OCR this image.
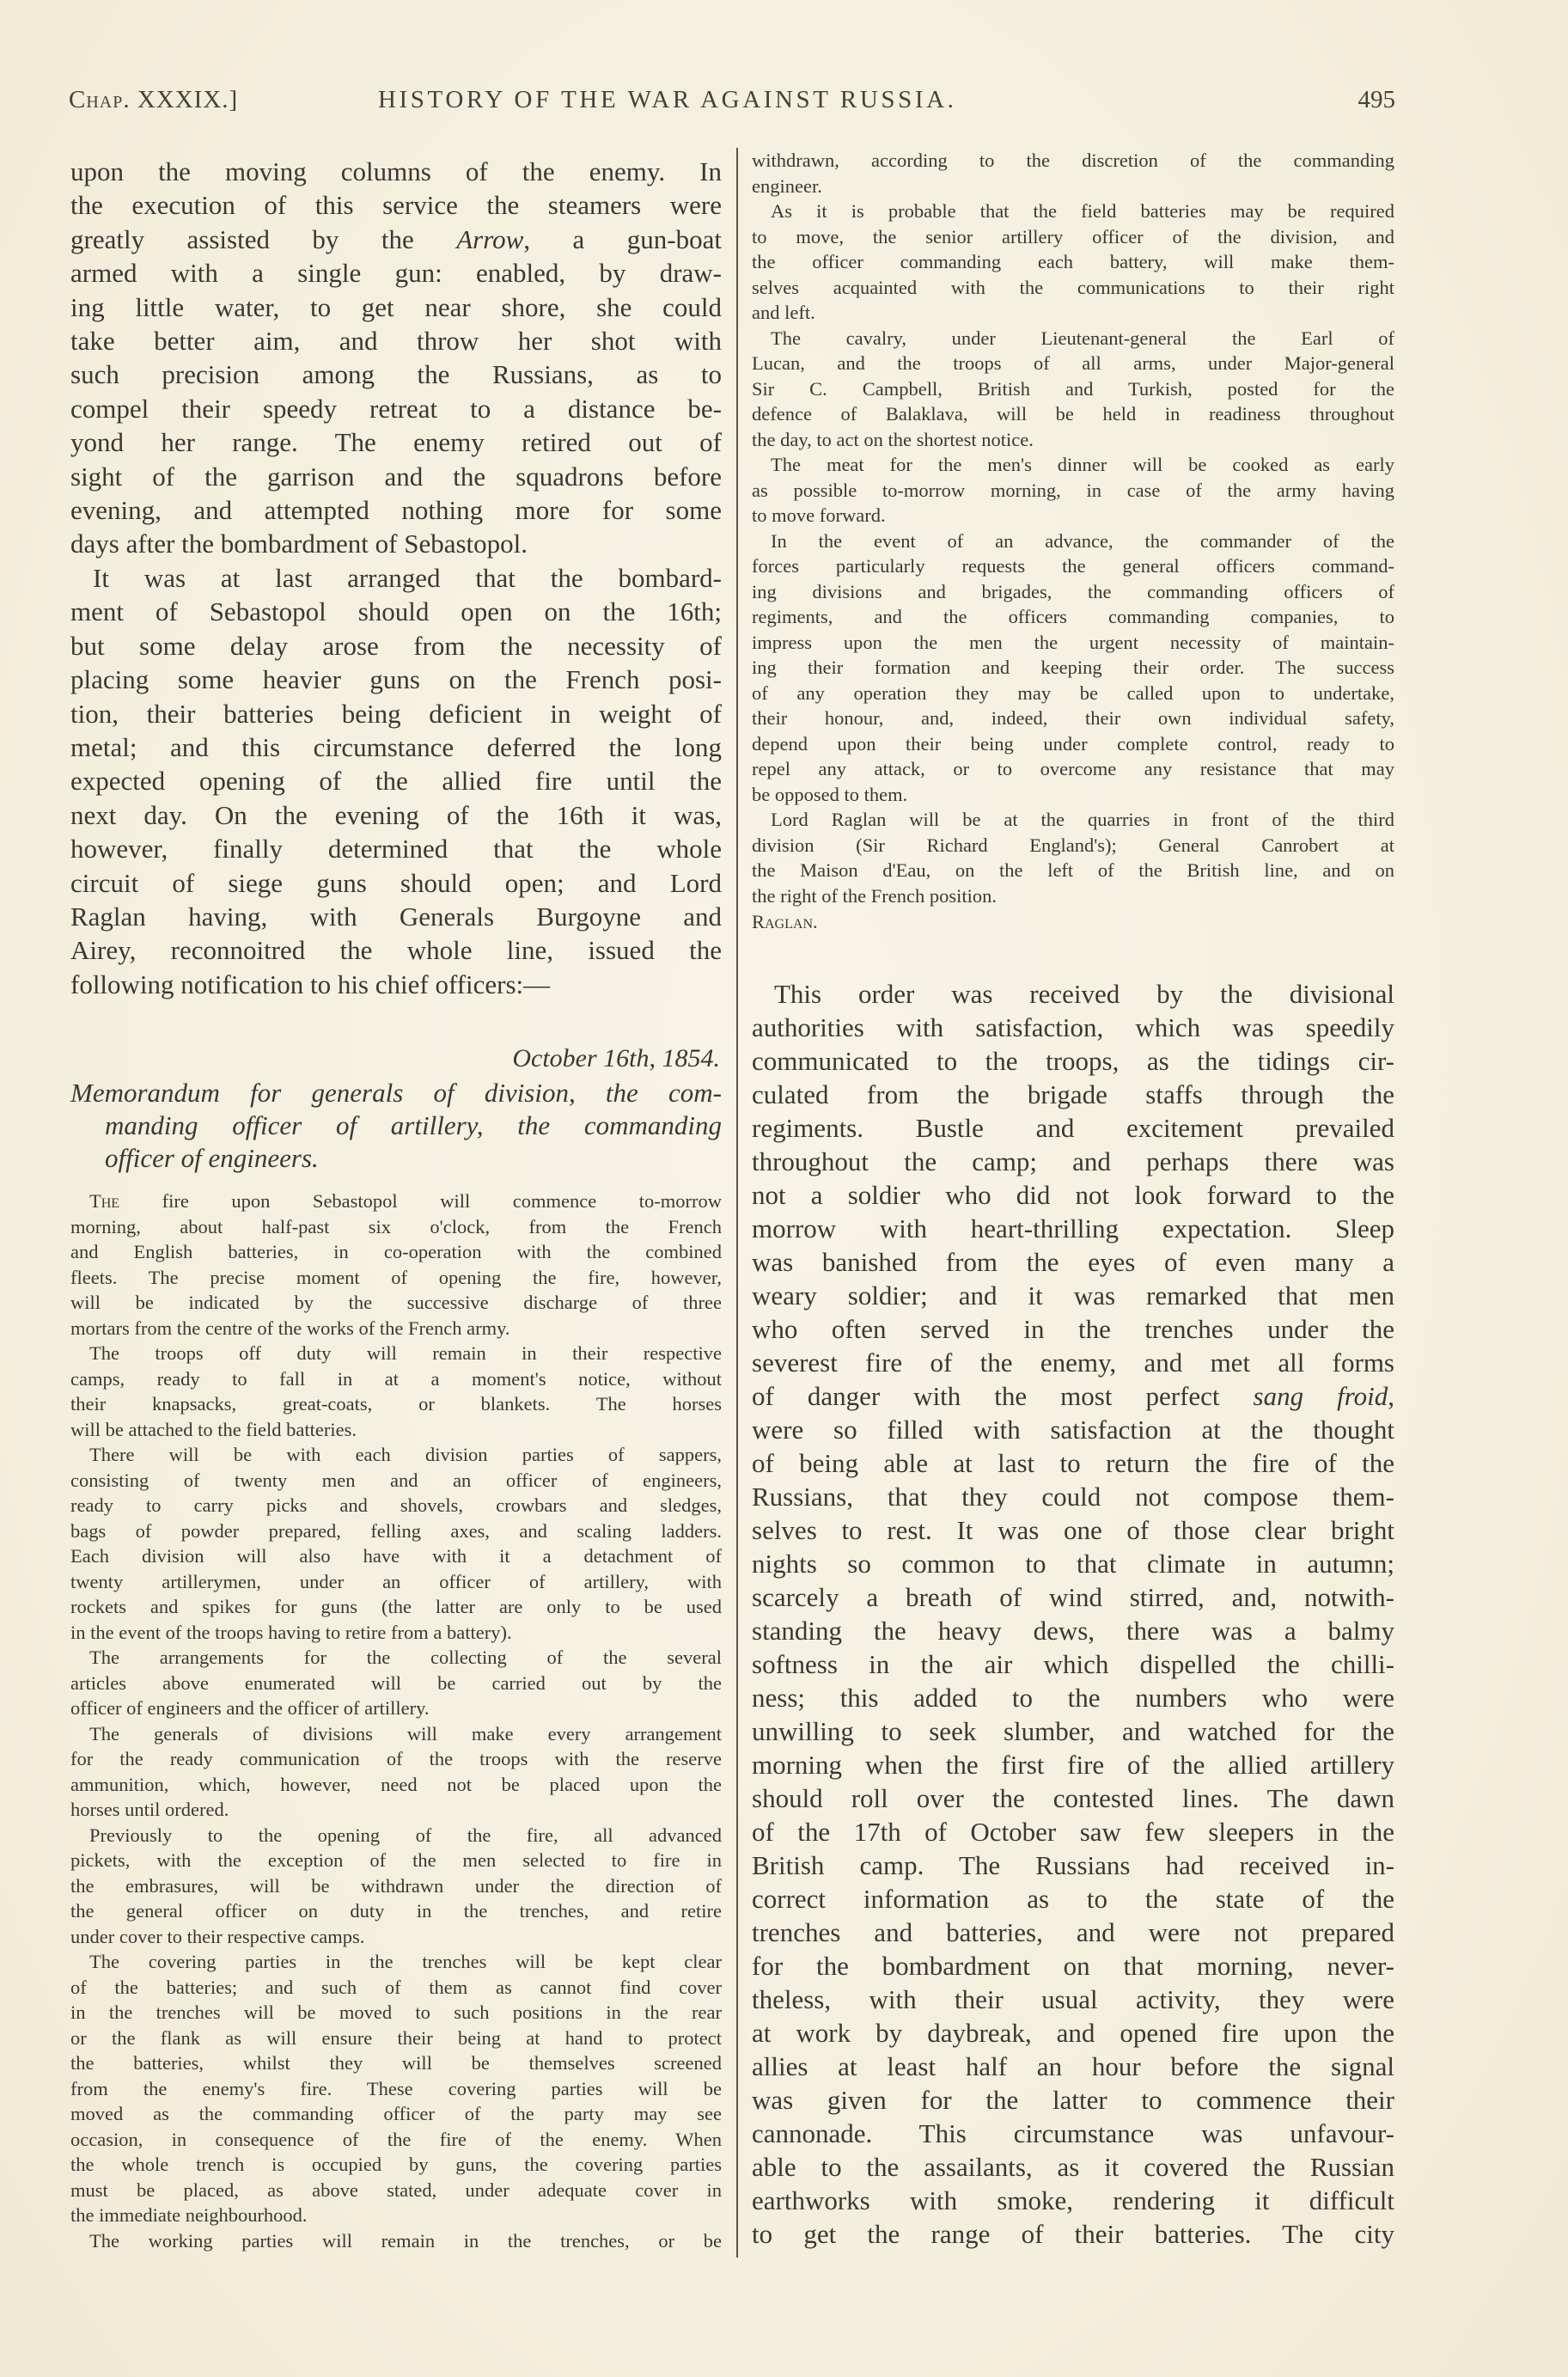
Chap. XXXIX.]	HISTORY OF THE WAR AGAINST RUSSIA.	495
upon the moving columns of the enemy. In
the execution of this service the steamers were
greatly assisted by the Arrow, a gun-boat
armed with a single gun: enabled, by draw-
ing little water, to get near shore, she could
take better aim, and throw her shot with
such precision among the Russians, as to
compel their speedy retreat to a distance be-
yond her range. The enemy retired out of
sight of the garrison and the squadrons before
evening, and attempted nothing more for some
days after the bombardment of Sebastopol.
It was at last arranged that the bombard-
ment of Sebastopol should open on the 16th;
but some delay arose from the necessity of
placing some heavier guns on the French posi-
tion, their batteries being deficient in weight of
metal; and this circumstance deferred the long
expected opening of the allied fire until the
next day. On the evening of the 16th it was,
however, finally determined that the whole
circuit of siege guns should open; and Lord
Raglan having, with Generals Burgoyne and
Airey, reconnoitred the whole line, issued the
following notification to his chief officers:—
October 16th, 1854.
Memorandum for generals of division, the com-
manding officer of artillery, the commanding
officer of engineers.
The fire upon Sebastopol will commence to-morrow
morning, about half-past six o'clock, from the French
and English batteries, in co-operation with the combined
fleets. The precise moment of opening the fire, however,
will be indicated by the successive discharge of three
mortars from the centre of the works of the French army.
The troops off duty will remain in their respective
camps, ready to fall in at a moment's notice, without
their knapsacks, great-coats, or blankets. The horses
will be attached to the field batteries.
There will be with each division parties of sappers,
consisting of twenty men and an officer of engineers,
ready to carry picks and shovels, crowbars and sledges,
bags of powder prepared, felling axes, and scaling ladders.
Each division will also have with it a detachment of
twenty artillerymen, under an officer of artillery, with
rockets and spikes for guns (the latter are only to be used
in the event of the troops having to retire from a battery).
The arrangements for the collecting of the several
articles above enumerated will be carried out by the
officer of engineers and the officer of artillery.
The generals of divisions will make every arrangement
for the ready communication of the troops with the reserve
ammunition, which, however, need not be placed upon the
horses until ordered.
Previously to the opening of the fire, all advanced
pickets, with the exception of the men selected to fire in
the embrasures, will be withdrawn under the direction of
the general officer on duty in the trenches, and retire
under cover to their respective camps.
The covering parties in the trenches will be kept clear
of the batteries; and such of them as cannot find cover
in the trenches will be moved to such positions in the rear
or the flank as will ensure their being at hand to protect
the batteries, whilst they will be themselves screened
from the enemy's fire. These covering parties will be
moved as the commanding officer of the party may see
occasion, in consequence of the fire of the enemy. When
the whole trench is occupied by guns, the covering parties
must be placed, as above stated, under adequate cover in
the immediate neighbourhood.
The working parties will remain in the trenches, or be
withdrawn, according to the discretion of the commanding
engineer.
As it is probable that the field batteries may be required
to move, the senior artillery officer of the division, and
the officer commanding each battery, will make them-
selves acquainted with the communications to their right
and left.
The cavalry, under Lieutenant-general the Earl of
Lucan, and the troops of all arms, under Major-general
Sir C. Campbell, British and Turkish, posted for the
defence of Balaklava, will be held in readiness throughout
the day, to act on the shortest notice.
The meat for the men's dinner will be cooked as early
as possible to-morrow morning, in case of the army having
to move forward.
In the event of an advance, the commander of the
forces particularly requests the general officers command-
ing divisions and brigades, the commanding officers of
regiments, and the officers commanding companies, to
impress upon the men the urgent necessity of maintain-
ing their formation and keeping their order. The success
of any operation they may be called upon to undertake,
their honour, and, indeed, their own individual safety,
depend upon their being under complete control, ready to
repel any attack, or to overcome any resistance that may
be opposed to them.
Lord Raglan will be at the quarries in front of the third
division (Sir Richard England's); General Canrobert at
the Maison d'Eau, on the left of the British line, and on
the right of the French position.
Raglan.
This order was received by the divisional
authorities with satisfaction, which was speedily
communicated to the troops, as the tidings cir-
culated from the brigade staffs through the
regiments. Bustle and excitement prevailed
throughout the camp; and perhaps there was
not a soldier who did not look forward to the
morrow with heart-thrilling expectation. Sleep
was banished from the eyes of even many a
weary soldier; and it was remarked that men
who often served in the trenches under the
severest fire of the enemy, and met all forms
of danger with the most perfect sang froid,
were so filled with satisfaction at the thought
of being able at last to return the fire of the
Russians, that they could not compose them-
selves to rest. It was one of those clear bright
nights so common to that climate in autumn;
scarcely a breath of wind stirred, and, notwith-
standing the heavy dews, there was a balmy
softness in the air which dispelled the chilli-
ness; this added to the numbers who were
unwilling to seek slumber, and watched for the
morning when the first fire of the allied artillery
should roll over the contested lines. The dawn
of the 17th of October saw few sleepers in the
British camp. The Russians had received in-
correct information as to the state of the
trenches and batteries, and were not prepared
for the bombardment on that morning, never-
theless, with their usual activity, they were
at work by daybreak, and opened fire upon the
allies at least half an hour before the signal
was given for the latter to commence their
cannonade. This circumstance was unfavour-
able to the assailants, as it covered the Russian
earthworks with smoke, rendering it difficult
to get the range of their batteries. The city
